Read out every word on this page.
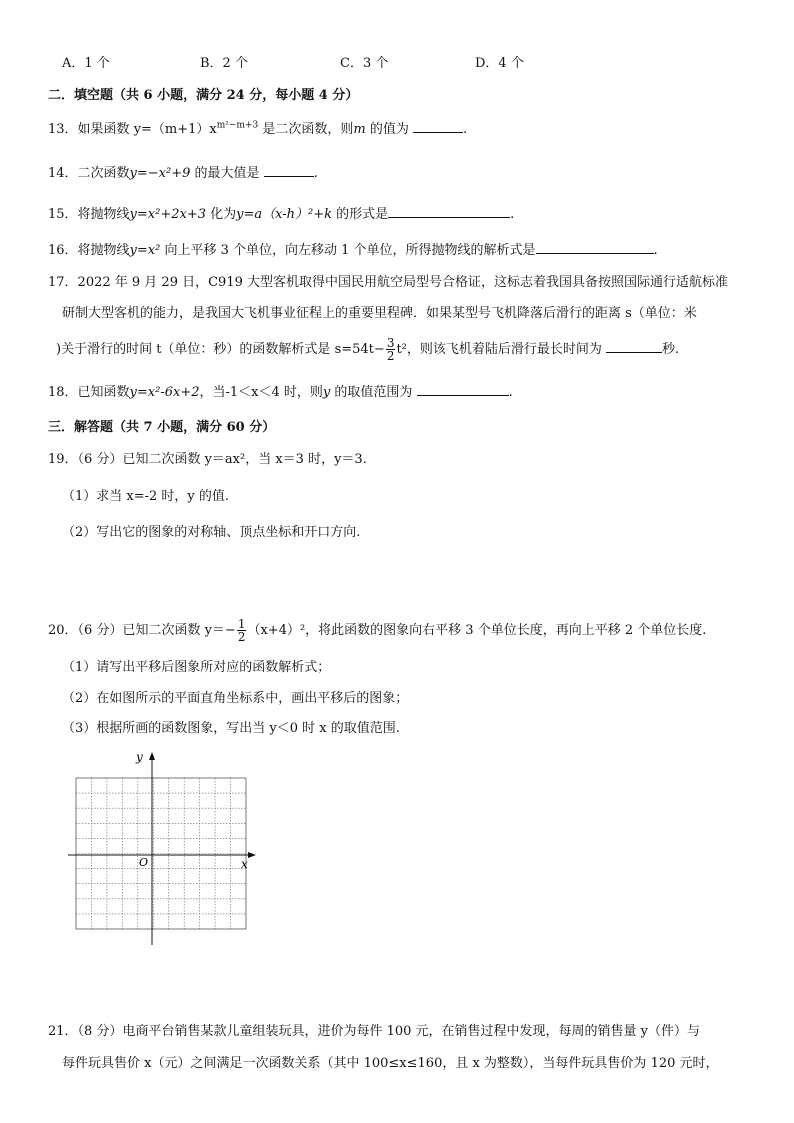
A．1 个	B．2 个	C．3 个	D．4 个
二．填空题（共 6 小题，满分 24 分，每小题 4 分）
13．如果函数 $y=(m+1)x^{m^2-m+3}$ 是二次函数，则m 的值为	.
14．二次函数y=−x²+9 的最大值是	.
15．将抛物线y=x²+2x+3 化为y=a（x-h）²+k 的形式是	.
16．将抛物线y=x² 向上平移 3 个单位，向左移动 1 个单位，所得抛物线的解析式是	.
17．2022 年 9 月 29 日，C919 大型客机取得中国民用航空局型号合格证，这标志着我国具备按照国际通行适航标准
研制大型客机的能力，是我国大飞机事业征程上的重要里程碑．如果某型号飞机降落后滑行的距离 s（单位：米
)关于滑行的时间 t（单位：秒）的函数解析式是 $s=54t- \frac{3}{2} t^2$，则该飞机着陆后滑行最长时间为	秒.
18．已知函数y=x²-6x+2，当-1＜x＜4 时，则y 的取值范围为	.
三．解答题（共 7 小题，满分 60 分）
19．（6 分）已知二次函数 y＝ax²，当 x＝3 时，y＝3.
（1）求当 x=-2 时，y 的值.
（2）写出它的图象的对称轴、顶点坐标和开口方向.
20．（6 分）已知二次函数 $y=- \frac{1}{2} (x+4)^2$，将此函数的图象向右平移 3 个单位长度，再向上平移 2 个单位长度.
（1）请写出平移后图象所对应的函数解析式；
（2）在如图所示的平面直角坐标系中，画出平移后的图象；
（3）根据所画的函数图象，写出当 y＜0 时 x 的取值范围.
x
y
O
21．（8 分）电商平台销售某款儿童组装玩具，进价为每件 100 元，在销售过程中发现，每周的销售量 y（件）与
每件玩具售价 x（元）之间满足一次函数关系（其中 100≤x≤160，且 x 为整数），当每件玩具售价为 120 元时，
